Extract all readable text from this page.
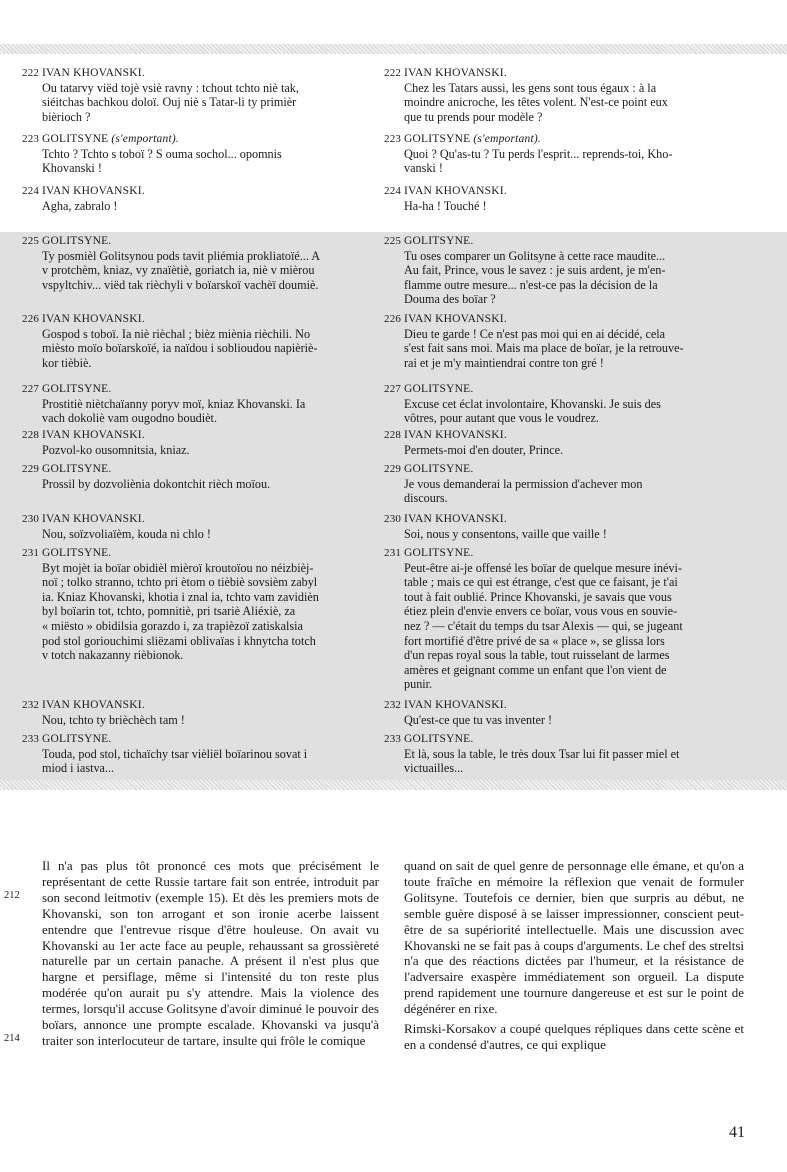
222 IVAN KHOVANSKI.
Ou tatarvy viëd tojè vsiè ravny : tchout tchto niè tak,
siéitchas bachkou doloï. Ouj niè s Tatar-li ty primièr
bièrioch ?
222 IVAN KHOVANSKI.
Chez les Tatars aussi, les gens sont tous égaux : à la
moindre anicroche, les têtes volent. N'est-ce point eux
que tu prends pour modèle ?
223 GOLITSYNE (s'emportant).
Tchto ? Tchto s toboï ? S ouma sochol... opomnis
Khovanski !
223 GOLITSYNE (s'emportant).
Quoi ? Qu'as-tu ? Tu perds l'esprit... reprends-toi, Kho-
vanski !
224 IVAN KHOVANSKI.
Agha, zabralo !
224 IVAN KHOVANSKI.
Ha-ha ! Touché !
225 GOLITSYNE.
Ty posmièl Golitsynou pods tavit pliémia prokliatoïé... A
v protchèm, kniaz, vy znaïètiè, goriatch ia, niè v mièrou
vspyltchiv... viëd tak rièchyli v boïarskoï vachèï doumiè.
225 GOLITSYNE.
Tu oses comparer un Golitsyne à cette race maudite...
Au fait, Prince, vous le savez : je suis ardent, je m'en-
flamme outre mesure... n'est-ce pas la décision de la
Douma des boïar ?
226 IVAN KHOVANSKI.
Gospod s toboï. Ia niè rièchal ; bièz miènia rièchili. No
mièsto moïo boïarskoïé, ia naïdou i soblioudou napièriè-
kor tièbiè.
226 IVAN KHOVANSKI.
Dieu te garde ! Ce n'est pas moi qui en ai décidé, cela
s'est fait sans moi. Mais ma place de boïar, je la retrouve-
rai et je m'y maintiendrai contre ton gré !
227 GOLITSYNE.
Prostitiè niètchaïanny poryv moï, kniaz Khovanski. Ia
vach dokoliè vam ougodno boudièt.
227 GOLITSYNE.
Excuse cet éclat involontaire, Khovanski. Je suis des
vôtres, pour autant que vous le voudrez.
228 IVAN KHOVANSKI.
Pozvol-ko ousomnitsia, kniaz.
228 IVAN KHOVANSKI.
Permets-moi d'en douter, Prince.
229 GOLITSYNE.
Prossil by dozvoliènia dokontchit rièch moïou.
229 GOLITSYNE.
Je vous demanderai la permission d'achever mon
discours.
230 IVAN KHOVANSKI.
Nou, soïzvoliaïèm, kouda ni chlo !
230 IVAN KHOVANSKI.
Soi, nous y consentons, vaille que vaille !
231 GOLITSYNE.
Byt mojèt ia boïar obidièl mièroï kroutoïou no néizbièj-
noï ; tolko stranno, tchto pri ètom o tièbiè sovsièm zabyl
ia. Kniaz Khovanski, khotia i znal ia, tchto vam zavidièn
byl boïarin tot, tchto, pomnitiè, pri tsariè Aliéxiè, za
« miësto » obidilsia gorazdo i, za trapièzoï zatiskalsia
pod stol goriouchimi sliëzami oblivaïas i khnytcha totch
v totch nakazanny rièbionok.
231 GOLITSYNE.
Peut-être ai-je offensé les boïar de quelque mesure inévi-
table ; mais ce qui est étrange, c'est que ce faisant, je t'ai
tout à fait oublié. Prince Khovanski, je savais que vous
étiez plein d'envie envers ce boïar, vous vous en souvie-
nez ? — c'était du temps du tsar Alexis — qui, se jugeant
fort mortifié d'être privé de sa « place », se glissa lors
d'un repas royal sous la table, tout ruisselant de larmes
amères et geignant comme un enfant que l'on vient de
punir.
232 IVAN KHOVANSKI.
Nou, tchto ty brièchèch tam !
232 IVAN KHOVANSKI.
Qu'est-ce que tu vas inventer !
233 GOLITSYNE.
Touda, pod stol, tichaïchy tsar vièliël boïarinou sovat i
miod i iastva...
233 GOLITSYNE.
Et là, sous la table, le très doux Tsar lui fit passer miel et
victuailles...

Il n'a pas plus tôt prononcé ces mots que précisément le représentant de cette Russie tartare fait son entrée, introduit par son second leitmotiv (exemple 15). Et dès les premiers mots de Khovanski, son ton arrogant et son ironie acerbe laissent entendre que l'entrevue risque d'être houleuse. On avait vu Khovanski au 1er acte face au peuple, rehaussant sa grossièreté naturelle par un certain panache. A présent il n'est plus que hargne et persiflage, même si l'intensité du ton reste plus modérée qu'on aurait pu s'y attendre. Mais la violence des termes, lorsqu'il accuse Golitsyne d'avoir diminué le pouvoir des boïars, annonce une prompte escalade. Khovanski va jusqu'à traiter son interlocuteur de tartare, insulte qui frôle le comique

quand on sait de quel genre de personnage elle émane, et qu'on a toute fraîche en mémoire la réflexion que venait de formuler Golitsyne. Toutefois ce dernier, bien que surpris au début, ne semble guère disposé à se laisser impressionner, conscient peut-être de sa supériorité intellectuelle. Mais une discussion avec Khovanski ne se fait pas à coups d'arguments. Le chef des streltsi n'a que des réactions dictées par l'humeur, et la résistance de l'adversaire exaspère immédiatement son orgueil. La dispute prend rapidement une tournure dangereuse et est sur le point de dégénérer en rixe.

Rimski-Korsakov a coupé quelques répliques dans cette scène et en a condensé d'autres, ce qui explique

212
214
41
